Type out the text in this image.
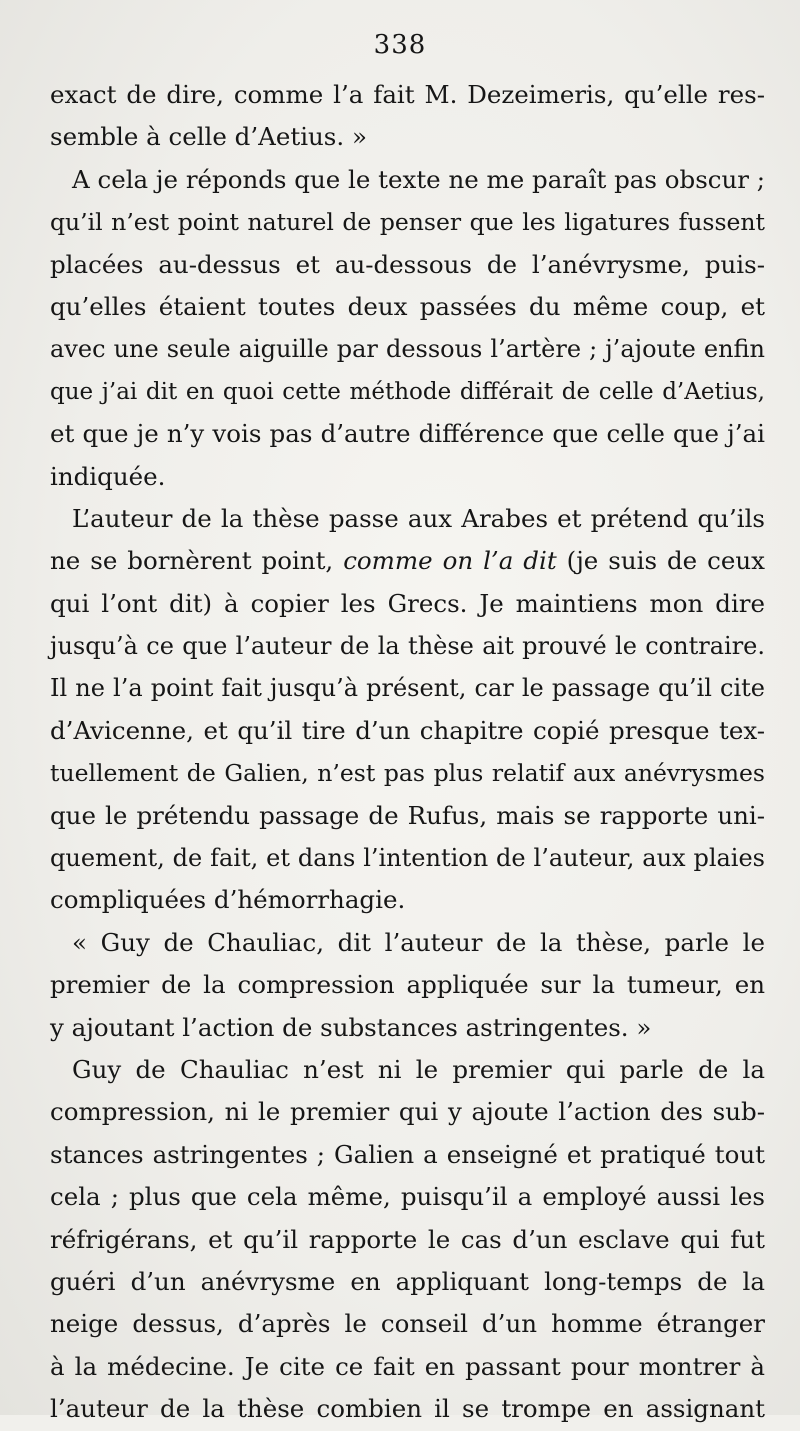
338
exact de dire, comme l’a fait M. Dezeimeris, qu’elle res-
semble à celle d’Aetius. »
A cela je réponds que le texte ne me paraît pas obscur ;
qu’il n’est point naturel de penser que les ligatures fussent
placées au-dessus et au-dessous de l’anévrysme, puis-
qu’elles étaient toutes deux passées du même coup, et
avec une seule aiguille par dessous l’artère ; j’ajoute enfin
que j’ai dit en quoi cette méthode différait de celle d’Aetius,
et que je n’y vois pas d’autre différence que celle que j’ai
indiquée.
L’auteur de la thèse passe aux Arabes et prétend qu’ils
ne se bornèrent point, comme on l’a dit (je suis de ceux
qui l’ont dit) à copier les Grecs. Je maintiens mon dire
jusqu’à ce que l’auteur de la thèse ait prouvé le contraire.
Il ne l’a point fait jusqu’à présent, car le passage qu’il cite
d’Avicenne, et qu’il tire d’un chapitre copié presque tex-
tuellement de Galien, n’est pas plus relatif aux anévrysmes
que le prétendu passage de Rufus, mais se rapporte uni-
quement, de fait, et dans l’intention de l’auteur, aux plaies
compliquées d’hémorrhagie.
« Guy de Chauliac, dit l’auteur de la thèse, parle le
premier de la compression appliquée sur la tumeur, en
y ajoutant l’action de substances astringentes. »
Guy de Chauliac n’est ni le premier qui parle de la
compression, ni le premier qui y ajoute l’action des sub-
stances astringentes ; Galien a enseigné et pratiqué tout
cela ; plus que cela même, puisqu’il a employé aussi les
réfrigérans, et qu’il rapporte le cas d’un esclave qui fut
guéri d’un anévrysme en appliquant long-temps de la
neige dessus, d’après le conseil d’un homme étranger
à la médecine. Je cite ce fait en passant pour montrer à
l’auteur de la thèse combien il se trompe en assignant
